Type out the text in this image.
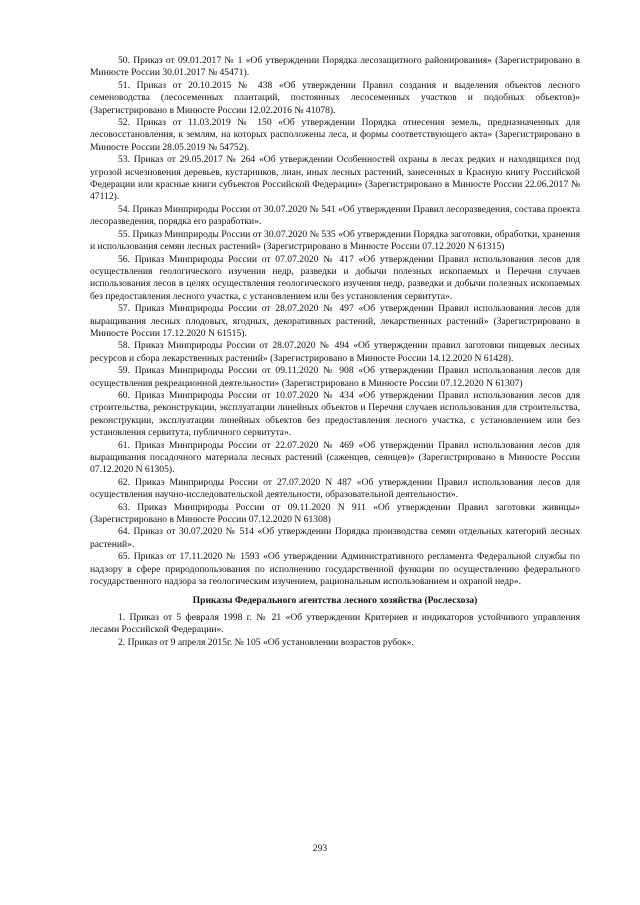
50. Приказ от 09.01.2017 № 1 «Об утверждении Порядка лесозащитного районирования» (Зарегистрировано в Минюсте России 30.01.2017 № 45471).

51. Приказ от 20.10.2015 № 438 «Об утверждении Правил создания и выделения объектов лесного семеноводства (лесосеменных плантаций, постоянных лесосеменных участков и подобных объектов)» (Зарегистрировано в Минюсте России 12.02.2016 № 41078).

52. Приказ от 11.03.2019 № 150 «Об утверждении Порядка отнесения земель, предназначенных для лесовосстановления, к землям, на которых расположены леса, и формы соответствующего акта» (Зарегистрировано в Минюсте России 28.05.2019 № 54752).

53. Приказ от 29.05.2017 № 264 «Об утверждении Особенностей охраны в лесах редких и находящихся под угрозой исчезновения деревьев, кустарников, лиан, иных лесных растений, занесенных в Красную книгу Российской Федерации или красные книги субъектов Российской Федерации» (Зарегистрировано в Минюсте России 22.06.2017 № 47112).

54. Приказ Минприроды России от 30.07.2020 № 541 «Об утверждении Правил лесоразведения, состава проекта лесоразведения, порядка его разработки».

55. Приказ Минприроды России от 30.07.2020 № 535 «Об утверждении Порядка заготовки, обработки, хранения и использования семян лесных растений» (Зарегистрировано в Минюсте России 07.12.2020 N 61315)

56. Приказ Минприроды России от 07.07.2020 № 417 «Об утверждении Правил использования лесов для осуществления геологического изучения недр, разведки и добычи полезных ископаемых и Перечня случаев использования лесов в целях осуществления геологического изучения недр, разведки и добычи полезных ископаемых без предоставления лесного участка, с установлением или без установления сервитута».

57. Приказ Минприроды России от 28.07.2020 № 497 «Об утверждении Правил использования лесов для выращивания лесных плодовых, ягодных, декоративных растений, лекарственных растений» (Зарегистрировано в Минюсте России 17.12.2020 N 61515).

58. Приказ Минприроды России от 28.07.2020 № 494 «Об утверждении правил заготовки пищевых лесных ресурсов и сбора лекарственных растений» (Зарегистрировано в Минюсте России 14.12.2020 N 61428).

59. Приказ Минприроды России от 09.11.2020 № 908 «Об утверждении Правил использования лесов для осуществления рекреационной деятельности» (Зарегистрировано в Минюсте России 07.12.2020 N 61307)

60. Приказ Минприроды России от 10.07.2020 № 434 «Об утверждении Правил использования лесов для строительства, реконструкции, эксплуатации линейных объектов и Перечня случаев использования для строительства, реконструкции, эксплуатации линейных объектов без предоставления лесного участка, с установлением или без установления сервитута, публичного сервитута».

61. Приказ Минприроды России от 22.07.2020 № 469 «Об утверждении Правил использования лесов для выращивания посадочного материала лесных растений (саженцев, сеянцев)» (Зарегистрировано в Минюсте России 07.12.2020 N 61305).

62. Приказ Минприроды России от 27.07.2020 N 487 «Об утверждении Правил использования лесов для осуществления научно-исследовательской деятельности, образовательной деятельности».

63. Приказ Минприроды России от 09.11.2020 N 911 «Об утверждении Правил заготовки живицы» (Зарегистрировано в Минюсте России 07.12.2020 N 61308)

64. Приказ от 30.07.2020 № 514 «Об утверждении Порядка производства семян отдельных категорий лесных растений».

65. Приказ от 17.11.2020 № 1593 «Об утверждении Административного регламента Федеральной службы по надзору в сфере природопользования по исполнению государственной функции по осуществлению федерального государственного надзора за геологическим изучением, рациональным использованием и охраной недр».

Приказы Федерального агентства лесного хозяйства (Рослесхоза)

1. Приказ от 5 февраля 1998 г. № 21 «Об утверждении Критериев и индикаторов устойчивого управления лесами Российской Федерации».

2. Приказ от 9 апреля 2015г. № 105 «Об установлении возрастов рубок».

293
